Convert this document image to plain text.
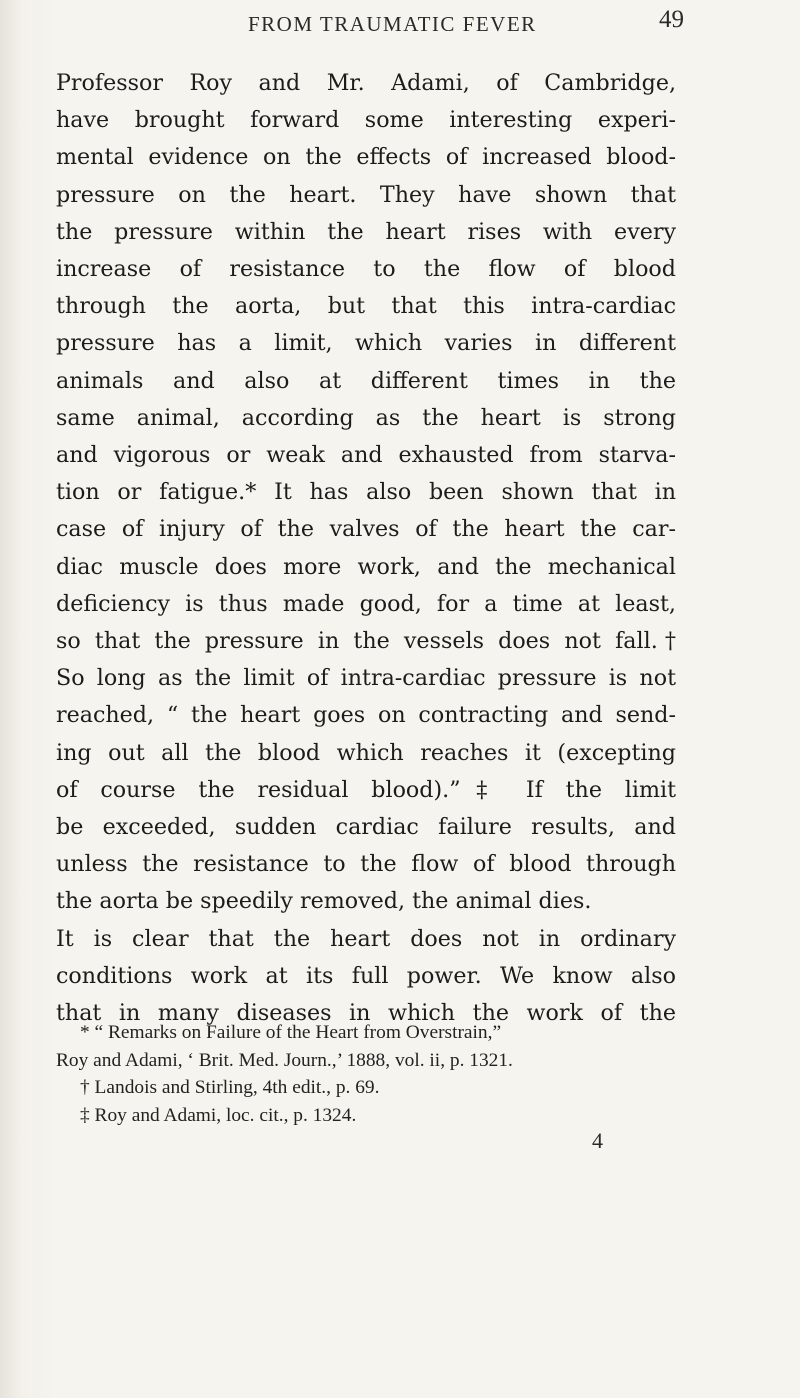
FROM TRAUMATIC FEVER	49
Professor Roy and Mr. Adami, of Cambridge,
have brought forward some interesting experi-
mental evidence on the effects of increased blood-
pressure on the heart. They have shown that
the pressure within the heart rises with every
increase of resistance to the flow of blood
through the aorta, but that this intra-cardiac
pressure has a limit, which varies in different
animals and also at different times in the
same animal, according as the heart is strong
and vigorous or weak and exhausted from starva-
tion or fatigue.* It has also been shown that in
case of injury of the valves of the heart the car-
diac muscle does more work, and the mechanical
deficiency is thus made good, for a time at least,
so that the pressure in the vessels does not fall.†
So long as the limit of intra-cardiac pressure is not
reached, “ the heart goes on contracting and send-
ing out all the blood which reaches it (excepting
of course the residual blood).”‡ If the limit
be exceeded, sudden cardiac failure results, and
unless the resistance to the flow of blood through
the aorta be speedily removed, the animal dies.
It is clear that the heart does not in ordinary
conditions work at its full power. We know also
that in many diseases in which the work of the
* “ Remarks on Failure of the Heart from Overstrain,”
Roy and Adami, ‘ Brit. Med. Journ.,’ 1888, vol. ii, p. 1321.
† Landois and Stirling, 4th edit., p. 69.
‡ Roy and Adami, loc. cit., p. 1324.
4
